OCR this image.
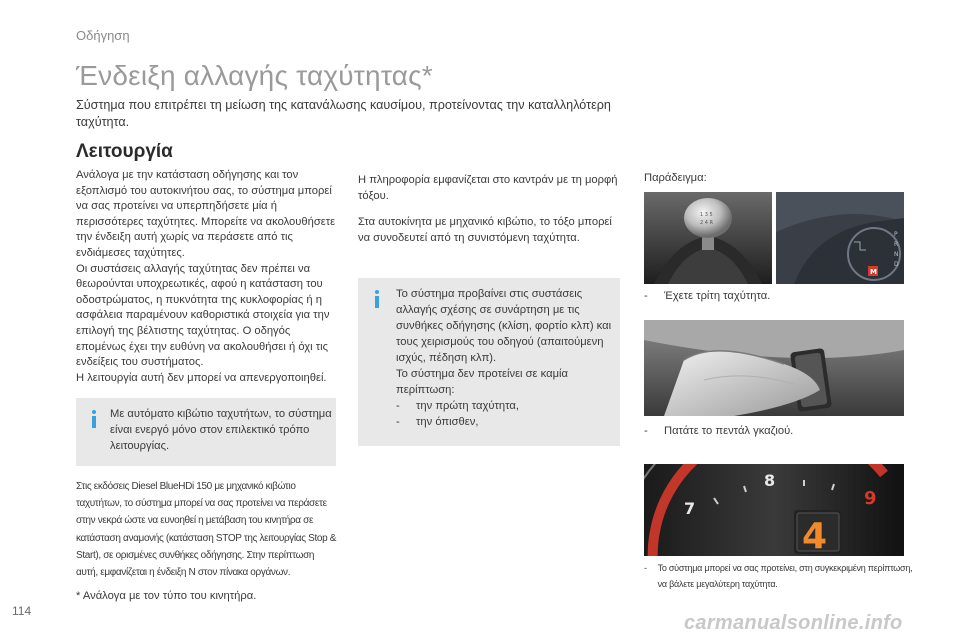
Οδήγηση
Ένδειξη αλλαγής ταχύτητας*
Σύστημα που επιτρέπει τη μείωση της κατανάλωσης καυσίμου, προτείνοντας την καταλληλότερη ταχύτητα.
Λειτουργία

Ανάλογα με την κατάσταση οδήγησης και τον εξοπλισμό του αυτοκινήτου σας, το σύστημα μπορεί να σας προτείνει να υπερπηδήσετε μία ή περισσότερες ταχύτητες. Μπορείτε να ακολουθήσετε την ένδειξη αυτή χωρίς να περάσετε από τις ενδιάμεσες ταχύτητες.

Οι συστάσεις αλλαγής ταχύτητας δεν πρέπει να θεωρούνται υποχρεωτικές, αφού η κατάσταση του οδοστρώματος, η πυκνότητα της κυκλοφορίας ή η ασφάλεια παραμένουν καθοριστικά στοιχεία για την επιλογή της βέλτιστης ταχύτητας. Ο οδηγός επομένως έχει την ευθύνη να ακολουθήσει ή όχι τις ενδείξεις του συστήματος.

Η λειτουργία αυτή δεν μπορεί να απενεργοποιηθεί.

Με αυτόματο κιβώτιο ταχυτήτων, το σύστημα είναι ενεργό μόνο στον επιλεκτικό τρόπο λειτουργίας.
Στις εκδόσεις Diesel BlueHDi 150 με μηχανικό κιβώτιο ταχυτήτων, το σύστημα μπορεί να σας προτείνει να περάσετε στην νεκρά ώστε να ευνοηθεί η μετάβαση του κινητήρα σε κατάσταση αναμονής (κατάσταση STOP της λειτουργίας Stop & Start), σε ορισμένες συνθήκες οδήγησης. Στην περίπτωση αυτή, εμφανίζεται η ένδειξη N στον πίνακα οργάνων.
* Ανάλογα με τον τύπο του κινητήρα.

Η πληροφορία εμφανίζεται στο καντράν με τη μορφή τόξου.

Στα αυτοκίνητα με μηχανικό κιβώτιο, το τόξο μπορεί να συνοδευτεί από τη συνιστόμενη ταχύτητα.

Το σύστημα προβαίνει στις συστάσεις αλλαγής σχέσης σε συνάρτηση με τις συνθήκες οδήγησης (κλίση, φορτίο κλπ) και τους χειρισμούς του οδηγού (απαιτούμενη ισχύς, πέδηση κλπ).
Το σύστημα δεν προτείνει σε καμία περίπτωση:
-	την πρώτη ταχύτητα,
-	την όπισθεν,
Παράδειγμα:
1 3 5
2 4 R
P
R
N
D
M
-	Έχετε τρίτη ταχύτητα.
-	Πατάτε το πεντάλ γκαζιού.
7
8
9
4
-	Το σύστημα μπορεί να σας προτείνει, στη συγκεκριμένη περίπτωση, να βάλετε μεγαλύτερη ταχύτητα.
114
carmanualsonline.info
